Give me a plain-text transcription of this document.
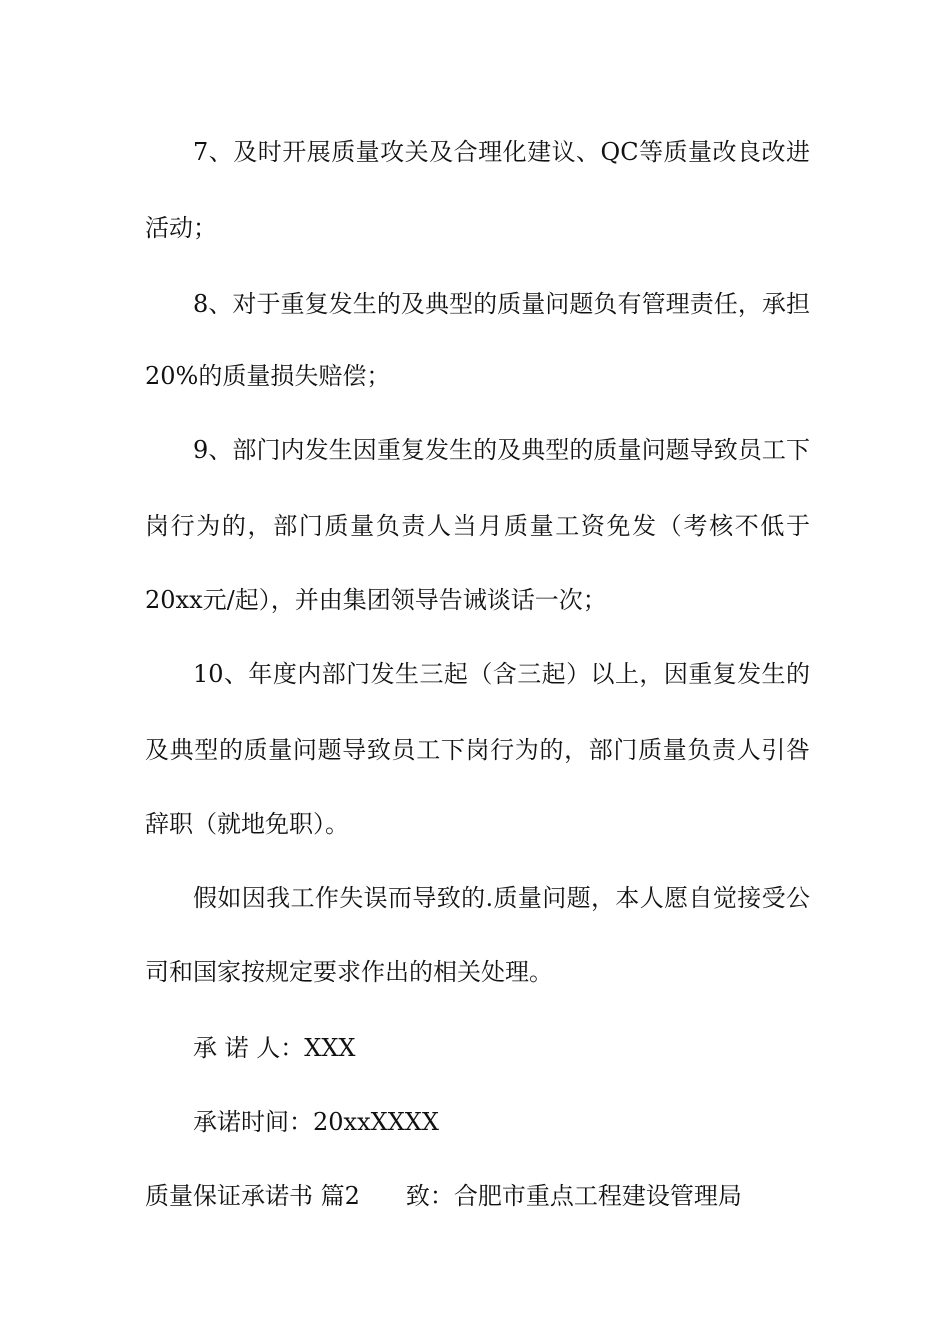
7、及时开展质量攻关及合理化建议、QC等质量改良改进
活动；
8、对于重复发生的及典型的质量问题负有管理责任，承担
20%的质量损失赔偿；
9、部门内发生因重复发生的及典型的质量问题导致员工下
岗行为的，部门质量负责人当月质量工资免发（考核不低于
20xx元/起），并由集团领导告诫谈话一次；
10、年度内部门发生三起（含三起）以上，因重复发生的
及典型的质量问题导致员工下岗行为的，部门质量负责人引咎
辞职（就地免职）。
假如因我工作失误而导致的.质量问题，本人愿自觉接受公
司和国家按规定要求作出的相关处理。
承 诺 人：XXX
承诺时间：20xxXXXX
质量保证承诺书 篇2 致：合肥市重点工程建设管理局
